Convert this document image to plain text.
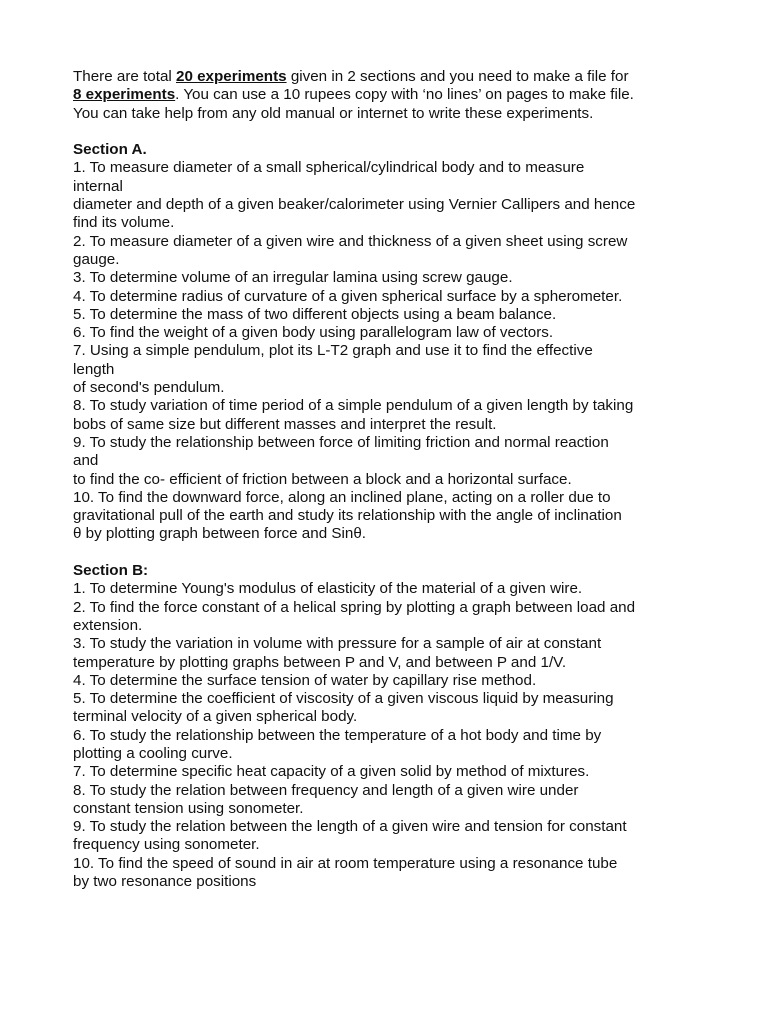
There are total 20 experiments given in 2 sections and you need to make a file for
8 experiments. You can use a 10 rupees copy with ‘no lines’ on pages to make file.
You can take help from any old manual or internet to write these experiments.
Section A.
1. To measure diameter of a small spherical/cylindrical body and to measure
internal
diameter and depth of a given beaker/calorimeter using Vernier Callipers and hence
find its volume.
2. To measure diameter of a given wire and thickness of a given sheet using screw
gauge.
3. To determine volume of an irregular lamina using screw gauge.
4. To determine radius of curvature of a given spherical surface by a spherometer.
5. To determine the mass of two different objects using a beam balance.
6. To find the weight of a given body using parallelogram law of vectors.
7. Using a simple pendulum, plot its L-T2 graph and use it to find the effective
length
of second's pendulum.
8. To study variation of time period of a simple pendulum of a given length by taking
bobs of same size but different masses and interpret the result.
9. To study the relationship between force of limiting friction and normal reaction
and
to find the co- efficient of friction between a block and a horizontal surface.
10. To find the downward force, along an inclined plane, acting on a roller due to
gravitational pull of the earth and study its relationship with the angle of inclination
θ by plotting graph between force and Sinθ.
Section B:
1. To determine Young's modulus of elasticity of the material of a given wire.
2. To find the force constant of a helical spring by plotting a graph between load and
extension.
3. To study the variation in volume with pressure for a sample of air at constant
temperature by plotting graphs between P and V, and between P and 1/V.
4. To determine the surface tension of water by capillary rise method.
5. To determine the coefficient of viscosity of a given viscous liquid by measuring
terminal velocity of a given spherical body.
6. To study the relationship between the temperature of a hot body and time by
plotting a cooling curve.
7. To determine specific heat capacity of a given solid by method of mixtures.
8. To study the relation between frequency and length of a given wire under
constant tension using sonometer.
9. To study the relation between the length of a given wire and tension for constant
frequency using sonometer.
10. To find the speed of sound in air at room temperature using a resonance tube
by two resonance positions
